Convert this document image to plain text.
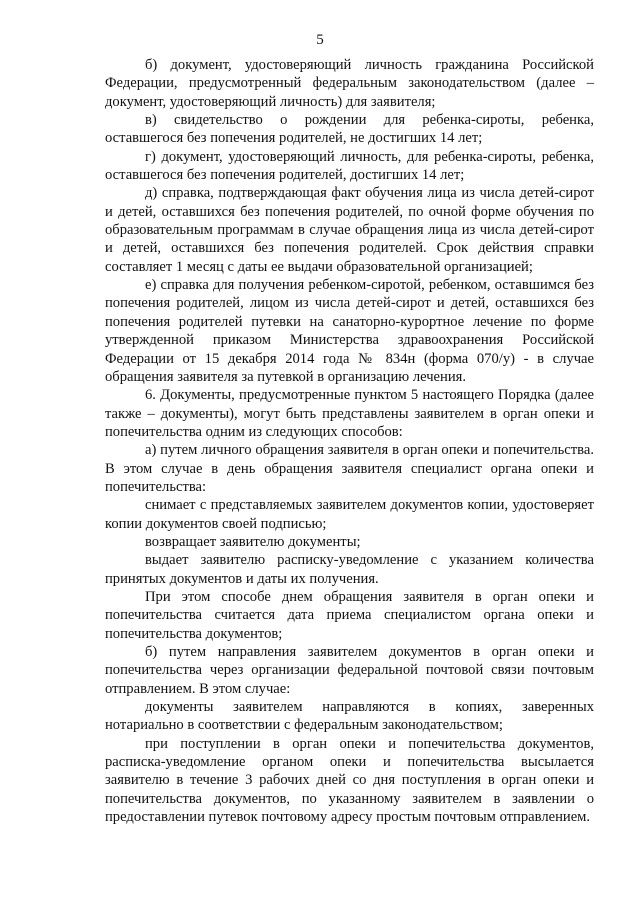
5

б) документ, удостоверяющий личность гражданина Российской Федерации, предусмотренный федеральным законодательством (далее – документ, удостоверяющий личность) для заявителя;

в) свидетельство о рождении для ребенка-сироты, ребенка, оставшегося без попечения родителей, не достигших 14 лет;

г) документ, удостоверяющий личность, для ребенка-сироты, ребенка, оставшегося без попечения родителей, достигших 14 лет;

д) справка, подтверждающая факт обучения лица из числа детей-сирот и детей, оставшихся без попечения родителей, по очной форме обучения по образовательным программам в случае обращения лица из числа детей-сирот и детей, оставшихся без попечения родителей. Срок действия справки составляет 1 месяц с даты ее выдачи образовательной организацией;

е) справка для получения ребенком-сиротой, ребенком, оставшимся без попечения родителей, лицом из числа детей-сирот и детей, оставшихся без попечения родителей путевки на санаторно-курортное лечение по форме утвержденной приказом Министерства здравоохранения Российской Федерации от 15 декабря 2014 года № 834н (форма 070/у) - в случае обращения заявителя за путевкой в организацию лечения.

6. Документы, предусмотренные пунктом 5 настоящего Порядка (далее также – документы), могут быть представлены заявителем в орган опеки и попечительства одним из следующих способов:

а) путем личного обращения заявителя в орган опеки и попечительства. В этом случае в день обращения заявителя специалист органа опеки и попечительства:

снимает с представляемых заявителем документов копии, удостоверяет копии документов своей подписью;

возвращает заявителю документы;

выдает заявителю расписку-уведомление с указанием количества принятых документов и даты их получения.

При этом способе днем обращения заявителя в орган опеки и попечительства считается дата приема специалистом органа опеки и попечительства документов;

б) путем направления заявителем документов в орган опеки и попечительства через организации федеральной почтовой связи почтовым отправлением. В этом случае:

документы заявителем направляются в копиях, заверенных нотариально в соответствии с федеральным законодательством;

при поступлении в орган опеки и попечительства документов, расписка-уведомление органом опеки и попечительства высылается заявителю в течение 3 рабочих дней со дня поступления в орган опеки и попечительства документов, по указанному заявителем в заявлении о предоставлении путевок почтовому адресу простым почтовым отправлением.
